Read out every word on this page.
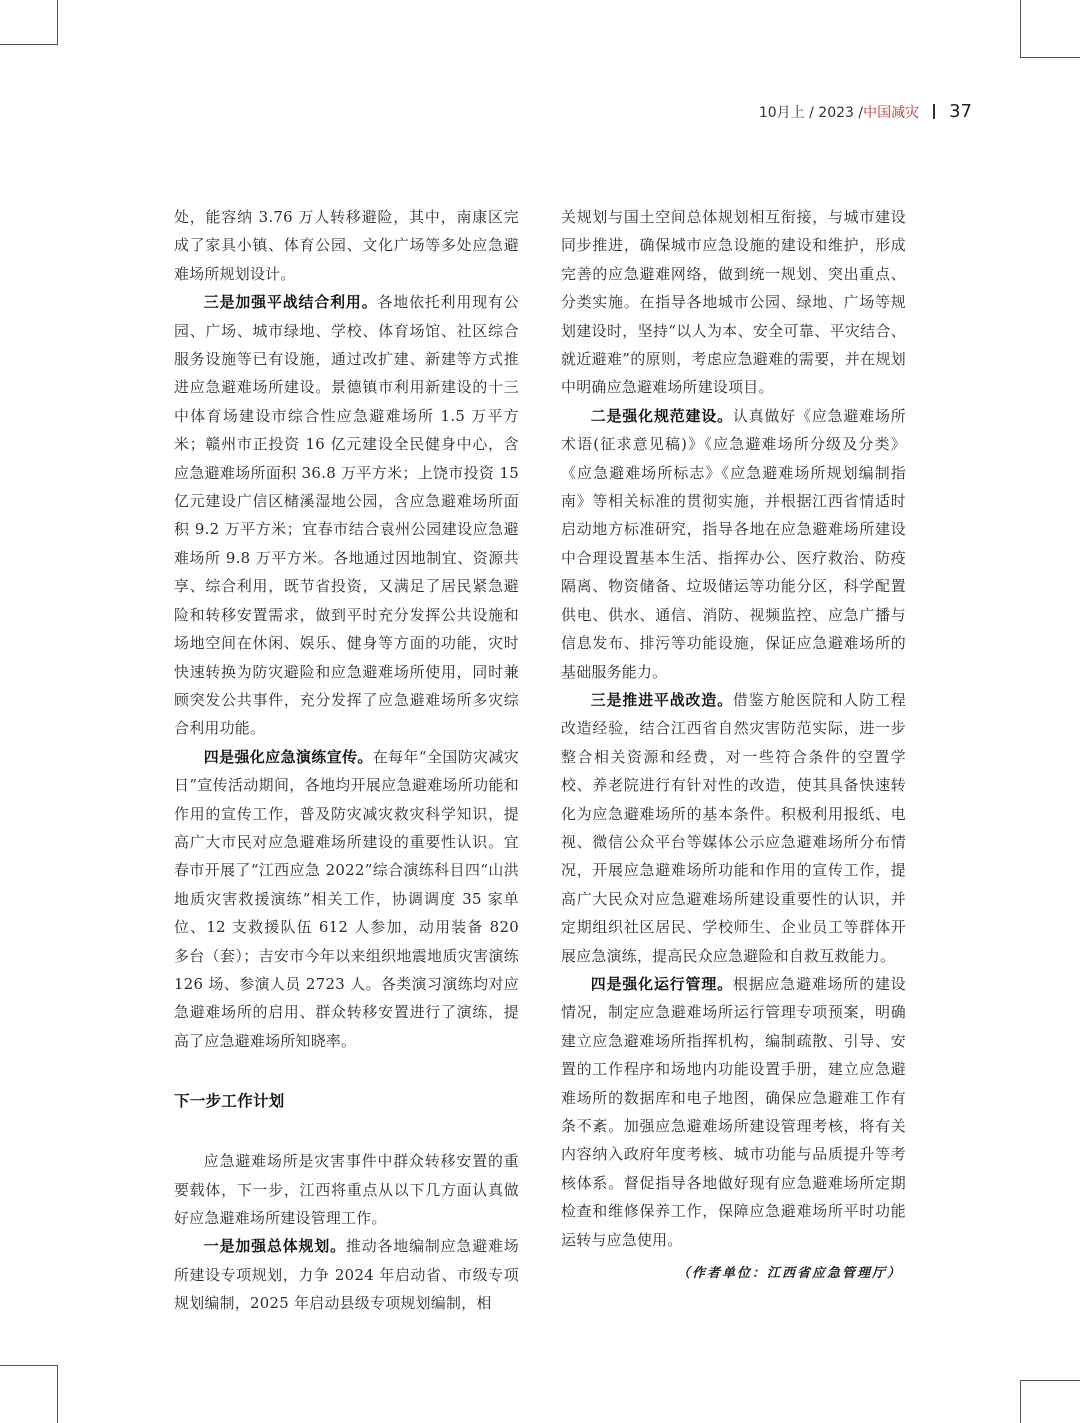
10月上 / 2023 / 中国减灾 37

处，能容纳 3.76 万人转移避险，其中，南康区完成了家具小镇、体育公园、文化广场等多处应急避难场所规划设计。

三是加强平战结合利用。各地依托利用现有公园、广场、城市绿地、学校、体育场馆、社区综合服务设施等已有设施，通过改扩建、新建等方式推进应急避难场所建设。景德镇市利用新建设的十三中体育场建设市综合性应急避难场所 1.5 万平方米；赣州市正投资 16 亿元建设全民健身中心，含应急避难场所面积 36.8 万平方米；上饶市投资 15 亿元建设广信区槠溪湿地公园，含应急避难场所面积 9.2 万平方米；宜春市结合袁州公园建设应急避难场所 9.8 万平方米。各地通过因地制宜、资源共享、综合利用，既节省投资，又满足了居民紧急避险和转移安置需求，做到平时充分发挥公共设施和场地空间在休闲、娱乐、健身等方面的功能，灾时快速转换为防灾避险和应急避难场所使用，同时兼顾突发公共事件，充分发挥了应急避难场所多灾综合利用功能。

四是强化应急演练宣传。在每年“全国防灾减灾日”宣传活动期间，各地均开展应急避难场所功能和作用的宣传工作，普及防灾减灾救灾科学知识，提高广大市民对应急避难场所建设的重要性认识。宜春市开展了“江西应急 2022”综合演练科目四“山洪地质灾害救援演练”相关工作，协调调度 35 家单位、12 支救援队伍 612 人参加，动用装备 820 多台（套）；吉安市今年以来组织地震地质灾害演练 126 场、参演人员 2723 人。各类演习演练均对应急避难场所的启用、群众转移安置进行了演练，提高了应急避难场所知晓率。

下一步工作计划

应急避难场所是灾害事件中群众转移安置的重要载体，下一步，江西将重点从以下几方面认真做好应急避难场所建设管理工作。

一是加强总体规划。推动各地编制应急避难场所建设专项规划，力争 2024 年启动省、市级专项规划编制，2025 年启动县级专项规划编制，相

关规划与国土空间总体规划相互衔接，与城市建设同步推进，确保城市应急设施的建设和维护，形成完善的应急避难网络，做到统一规划、突出重点、分类实施。在指导各地城市公园、绿地、广场等规划建设时，坚持“以人为本、安全可靠、平灾结合、就近避难”的原则，考虑应急避难的需要，并在规划中明确应急避难场所建设项目。

二是强化规范建设。认真做好《应急避难场所术语(征求意见稿)》《应急避难场所分级及分类》《应急避难场所标志》《应急避难场所规划编制指南》等相关标准的贯彻实施，并根据江西省情适时启动地方标准研究，指导各地在应急避难场所建设中合理设置基本生活、指挥办公、医疗救治、防疫隔离、物资储备、垃圾储运等功能分区，科学配置供电、供水、通信、消防、视频监控、应急广播与信息发布、排污等功能设施，保证应急避难场所的基础服务能力。

三是推进平战改造。借鉴方舱医院和人防工程改造经验，结合江西省自然灾害防范实际，进一步整合相关资源和经费，对一些符合条件的空置学校、养老院进行有针对性的改造，使其具备快速转化为应急避难场所的基本条件。积极利用报纸、电视、微信公众平台等媒体公示应急避难场所分布情况，开展应急避难场所功能和作用的宣传工作，提高广大民众对应急避难场所建设重要性的认识，并定期组织社区居民、学校师生、企业员工等群体开展应急演练，提高民众应急避险和自救互救能力。

四是强化运行管理。根据应急避难场所的建设情况，制定应急避难场所运行管理专项预案，明确建立应急避难场所指挥机构，编制疏散、引导、安置的工作程序和场地内功能设置手册，建立应急避难场所的数据库和电子地图，确保应急避难工作有条不紊。加强应急避难场所建设管理考核，将有关内容纳入政府年度考核、城市功能与品质提升等考核体系。督促指导各地做好现有应急避难场所定期检查和维修保养工作，保障应急避难场所平时功能运转与应急使用。

（作者单位：江西省应急管理厅）
